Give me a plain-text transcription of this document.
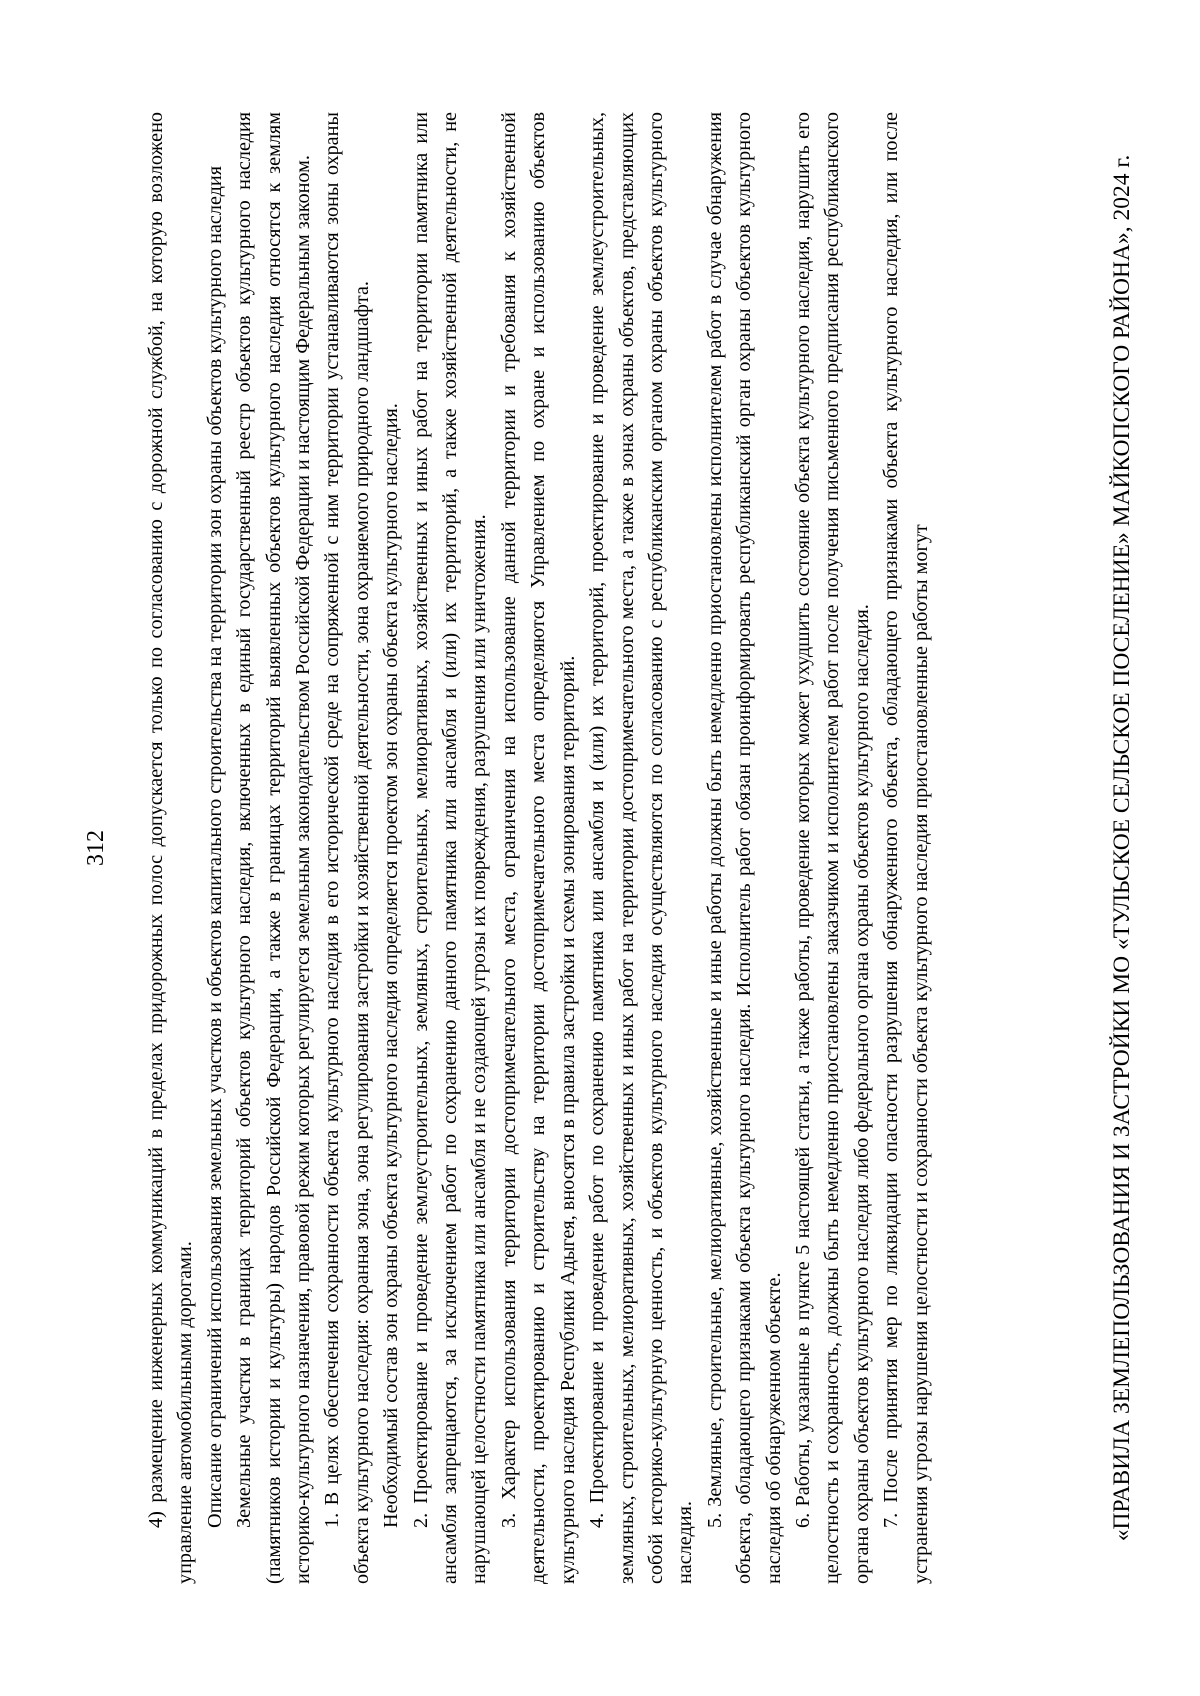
312 4) размещение инженерных коммуникаций в пределах придорожных полос допускается только по согласованию с дорожной службой, на которую возложено управление автомобильными дорогами. Описание ограничений использования земельных участков и объектов капитального строительства на территории зон охраны объектов культурного наследия Земельные участки в границах территорий объектов культурного наследия, включенных в единый государственный реестр объектов культурного наследия (памятников истории и культуры) народов Российской Федерации, а также в границах территорий выявленных объектов культурного наследия относятся к землям историко-культурного назначения, правовой режим которых регулируется земельным законодательством Российской Федерации и настоящим Федеральным законом. 1. В целях обеспечения сохранности объекта культурного наследия в его исторической среде на сопряженной с ним территории устанавливаются зоны охраны объекта культурного наследия: охранная зона, зона регулирования застройки и хозяйственной деятельности, зона охраняемого природного ландшафта. Необходимый состав зон охраны объекта культурного наследия определяется проектом зон охраны объекта культурного наследия. 2. Проектирование и проведение землеустроительных, земляных, строительных, мелиоративных, хозяйственных и иных работ на территории памятника или ансамбля запрещаются, за исключением работ по сохранению данного памятника или ансамбля и (или) их территорий, а также хозяйственной деятельности, не нарушающей целостности памятника или ансамбля и не создающей угрозы их повреждения, разрушения или уничтожения. 3. Характер использования территории достопримечательного места, ограничения на использование данной территории и требования к хозяйственной деятельности, проектированию и строительству на территории достопримечательного места определяются Управлением по охране и использованию объектов культурного наследия Республики Адыгея, вносятся в правила застройки и схемы зонирования территорий. 4. Проектирование и проведение работ по сохранению памятника или ансамбля и (или) их территорий, проектирование и проведение землеустроительных, земляных, строительных, мелиоративных, хозяйственных и иных работ на территории достопримечательного места, а также в зонах охраны объектов, представляющих собой историко-культурную ценность, и объектов культурного наследия осуществляются по согласованию с республиканским органом охраны объектов культурного наследия.

5. Земляные, строительные, мелиоративные, хозяйственные и иные работы должны быть немедленно приостановлены исполнителем работ в случае обнаружения объекта, обладающего признаками объекта культурного наследия. Исполнитель работ обязан проинформировать республиканский орган охраны объектов культурного наследия об обнаруженном объекте. 6. Работы, указанные в пункте 5 настоящей статьи, а также работы, проведение которых может ухудшить состояние объекта культурного наследия, нарушить его целостность и сохранность, должны быть немедленно приостановлены заказчиком и исполнителем работ после получения письменного предписания республиканского органа охраны объектов культурного наследия либо федерального органа охраны объектов культурного наследия. 7. После принятия мер по ликвидации опасности разрушения обнаруженного объекта, обладающего признаками объекта культурного наследия, или после устранения угрозы нарушения целостности и сохранности объекта культурного наследия приостановленные работы могут	«ПРАВИЛА ЗЕМЛЕПОЛЬЗОВАНИЯ И ЗАСТРОЙКИ МО «ТУЛЬСКОЕ СЕЛЬСКОЕ ПОСЕЛЕНИЕ» МАЙКОПСКОГО РАЙОНА», 2024 г.
